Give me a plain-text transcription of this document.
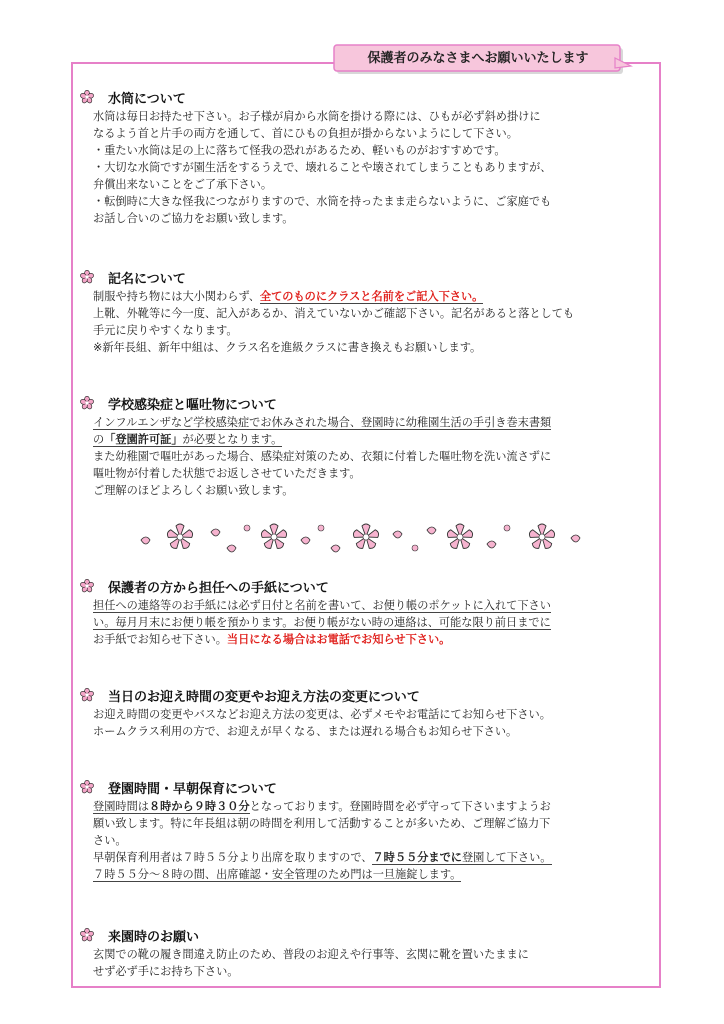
保護者のみなさまへお願いいたします
水筒について
水筒は毎日お持たせ下さい。お子様が肩から水筒を掛ける際には、ひもが必ず斜め掛けに
なるよう首と片手の両方を通して、首にひもの負担が掛からないようにして下さい。
・重たい水筒は足の上に落ちて怪我の恐れがあるため、軽いものがおすすめです。
・大切な水筒ですが園生活をするうえで、壊れることや壊されてしまうこともありますが、
弁償出来ないことをご了承下さい。
・転倒時に大きな怪我につながりますので、水筒を持ったまま走らないように、ご家庭でも
お話し合いのご協力をお願い致します。
記名について
制服や持ち物には大小関わらず、全てのものにクラスと名前をご記入下さい。
上靴、外靴等に今一度、記入があるか、消えていないかご確認下さい。記名があると落としても
手元に戻りやすくなります。
※新年長組、新年中組は、クラス名を進級クラスに書き換えもお願いします。
学校感染症と嘔吐物について
インフルエンザなど学校感染症でお休みされた場合、登園時に幼稚園生活の手引き巻末書類
の「登園許可証」が必要となります。
また幼稚園で嘔吐があった場合、感染症対策のため、衣類に付着した嘔吐物を洗い流さずに
嘔吐物が付着した状態でお返しさせていただきます。
ご理解のほどよろしくお願い致します。
保護者の方から担任への手紙について
担任への連絡等のお手紙には必ず日付と名前を書いて、お便り帳のポケットに入れて下さい
い。毎月月末にお便り帳を預かります。お便り帳がない時の連絡は、可能な限り前日までに
お手紙でお知らせ下さい。当日になる場合はお電話でお知らせ下さい。
当日のお迎え時間の変更やお迎え方法の変更について
お迎え時間の変更やバスなどお迎え方法の変更は、必ずメモやお電話にてお知らせ下さい。
ホームクラス利用の方で、お迎えが早くなる、または遅れる場合もお知らせ下さい。
登園時間・早朝保育について
登園時間は８時から９時３０分となっております。登園時間を必ず守って下さいますようお
願い致します。特に年長組は朝の時間を利用して活動することが多いため、ご理解ご協力下
さい。
早朝保育利用者は７時５５分より出席を取りますので、７時５５分までに登園して下さい。
７時５５分～８時の間、出席確認・安全管理のため門は一旦施錠します。
来園時のお願い
玄関での靴の履き間違え防止のため、普段のお迎えや行事等、玄関に靴を置いたままに
せず必ず手にお持ち下さい。
